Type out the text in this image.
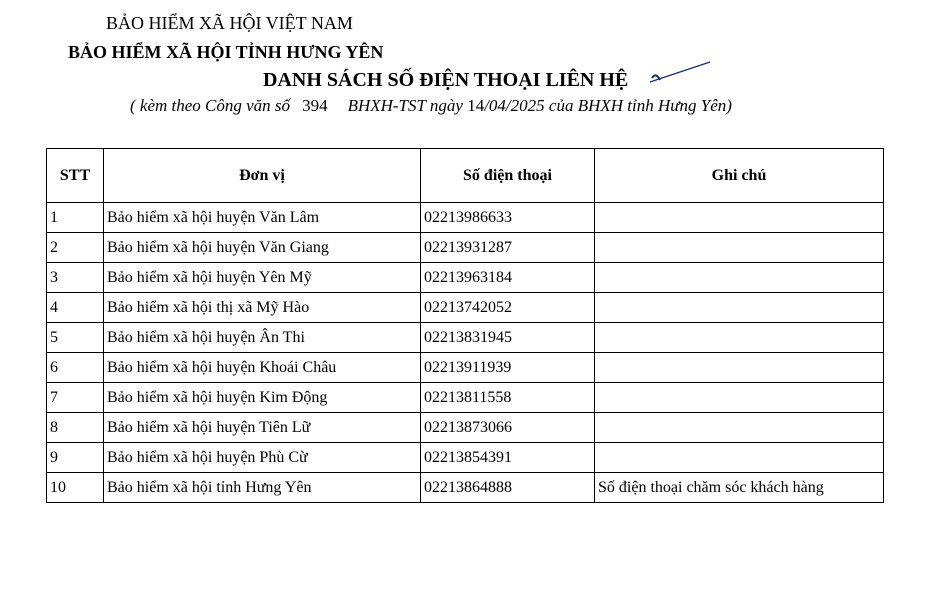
BẢO HIỂM XÃ HỘI VIỆT NAM
BẢO HIỂM XÃ HỘI TỈNH HƯNG YÊN
DANH SÁCH SỐ ĐIỆN THOẠI LIÊN HỆ
( kèm theo Công văn số 394 BHXH-TST ngày 14/04/2025 của BHXH tỉnh Hưng Yên)
STT	Đơn vị	Số điện thoại	Ghi chú
1	Bảo hiểm xã hội huyện Văn Lâm	02213986633	
2	Bảo hiểm xã hội huyện Văn Giang	02213931287	
3	Bảo hiểm xã hội huyện Yên Mỹ	02213963184	
4	Bảo hiểm xã hội thị xã Mỹ Hào	02213742052	
5	Bảo hiểm xã hội huyện Ân Thi	02213831945	
6	Bảo hiểm xã hội huyện Khoái Châu	02213911939	
7	Bảo hiểm xã hội huyện Kim Động	02213811558	
8	Bảo hiểm xã hội huyện Tiên Lữ	02213873066	
9	Bảo hiểm xã hội huyện Phù Cừ	02213854391	
10	Bảo hiểm xã hội tỉnh Hưng Yên	02213864888	Số điện thoại chăm sóc khách hàng
